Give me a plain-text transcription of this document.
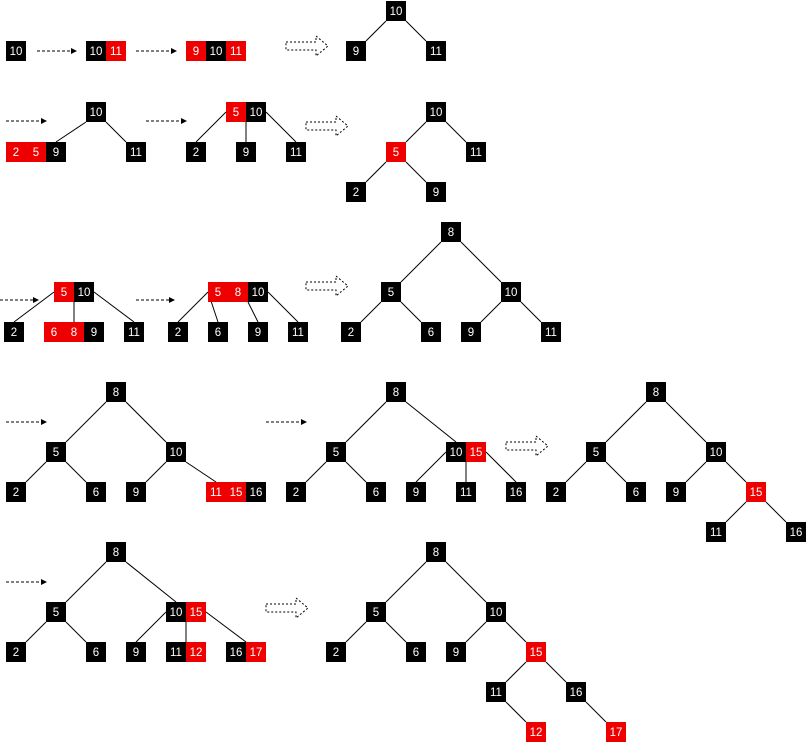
10	10 11	9 10 11
10
9	11
10
2 5 9	11
5 10
2	9	11
10
5	11
2	9
5 10
2	6 8 9	11
5 8 10
2	6	9	11
8
5	10
2	6	9	11
8
5	10
2	6	9	11 15 16
8
5	10 15
2	6	9	11	16
8
5	10
2	6	9	15
11	16
8
5	10 15
2	6	9	11 12 16 17
8
5	10
2	6	9	15
11	16
12	17
